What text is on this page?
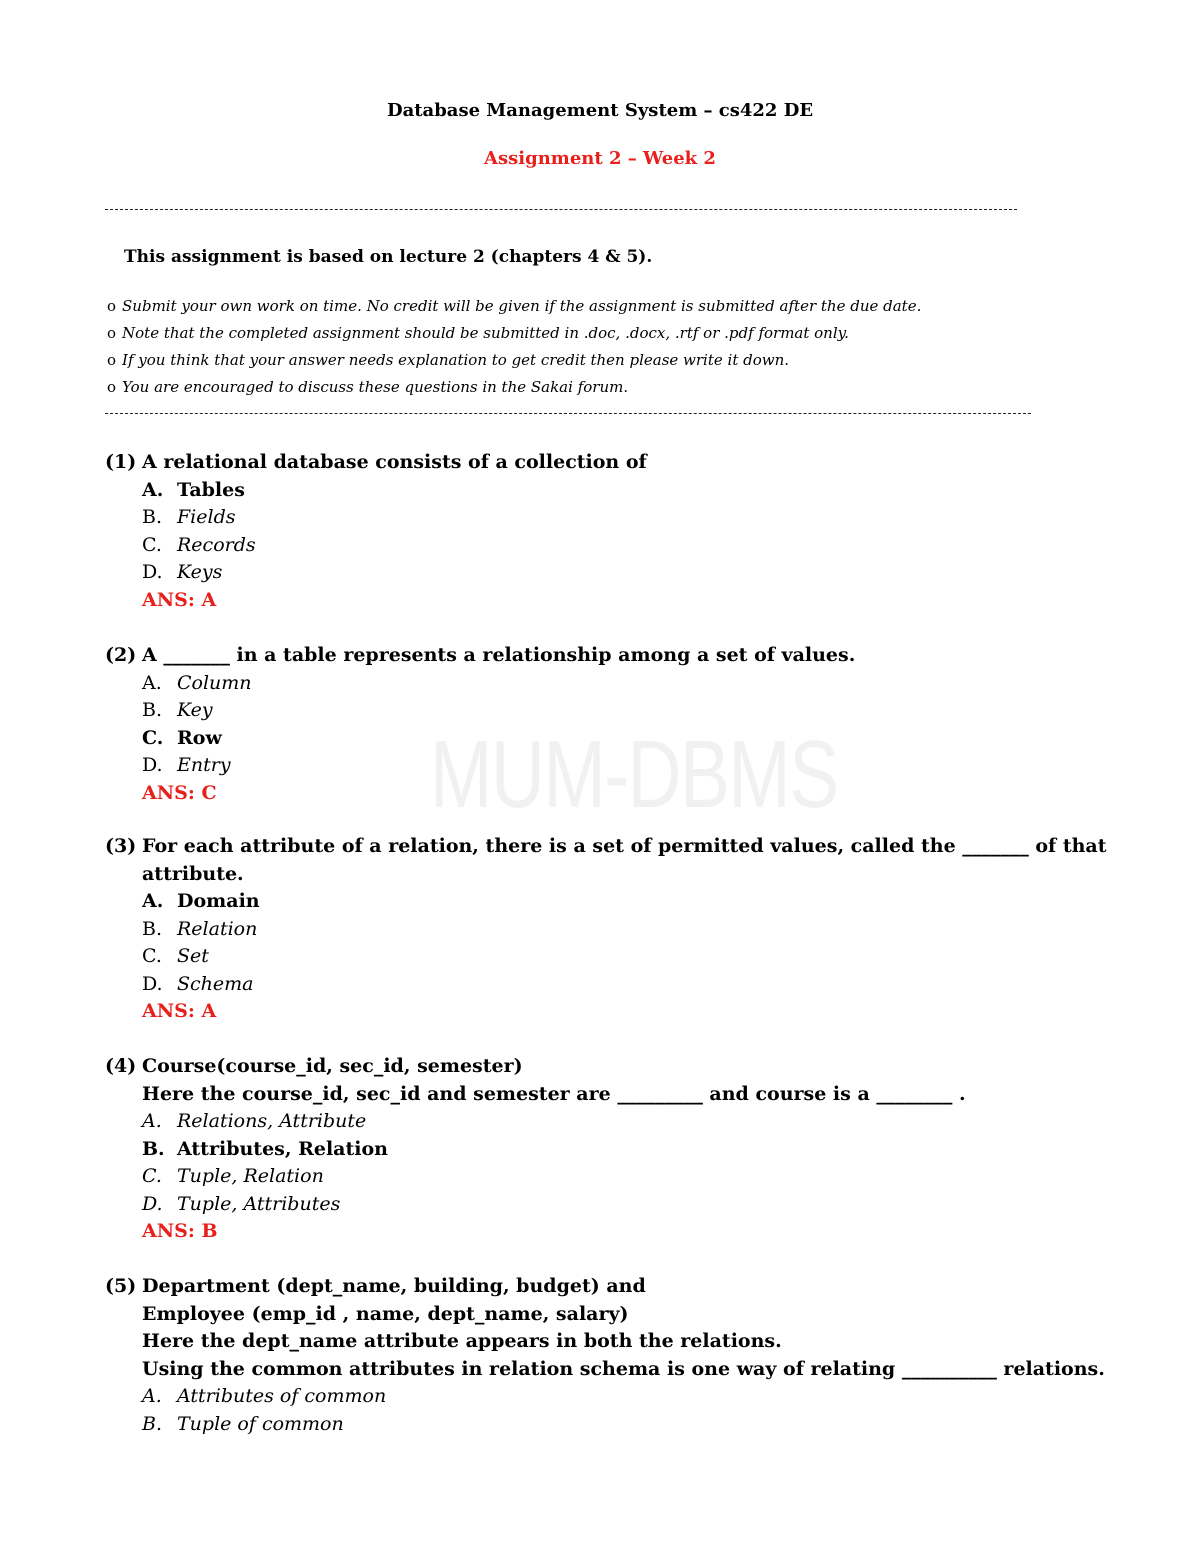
MUM-DBMS
Database Management System – cs422 DE
Assignment 2 – Week 2
This assignment is based on lecture 2 (chapters 4 & 5).
o Submit your own work on time. No credit will be given if the assignment is submitted after the due date.
o Note that the completed assignment should be submitted in .doc, .docx, .rtf or .pdf format only.
o If you think that your answer needs explanation to get credit then please write it down.
o You are encouraged to discuss these questions in the Sakai forum.
(1) A relational database consists of a collection of
A. Tables
B. Fields
C. Records
D. Keys
ANS: A
(2) A _______ in a table represents a relationship among a set of values.
A. Column
B. Key
C. Row
D. Entry
ANS: C
(3) For each attribute of a relation, there is a set of permitted values, called the _______ of that
attribute.
A. Domain
B. Relation
C. Set
D. Schema
ANS: A
(4) Course(course_id, sec_id, semester)
Here the course_id, sec_id and semester are _________ and course is a ________ .
A. Relations, Attribute
B. Attributes, Relation
C. Tuple, Relation
D. Tuple, Attributes
ANS: B
(5) Department (dept_name, building, budget) and
Employee (emp_id , name, dept_name, salary)
Here the dept_name attribute appears in both the relations.
Using the common attributes in relation schema is one way of relating __________ relations.
A. Attributes of common
B. Tuple of common
